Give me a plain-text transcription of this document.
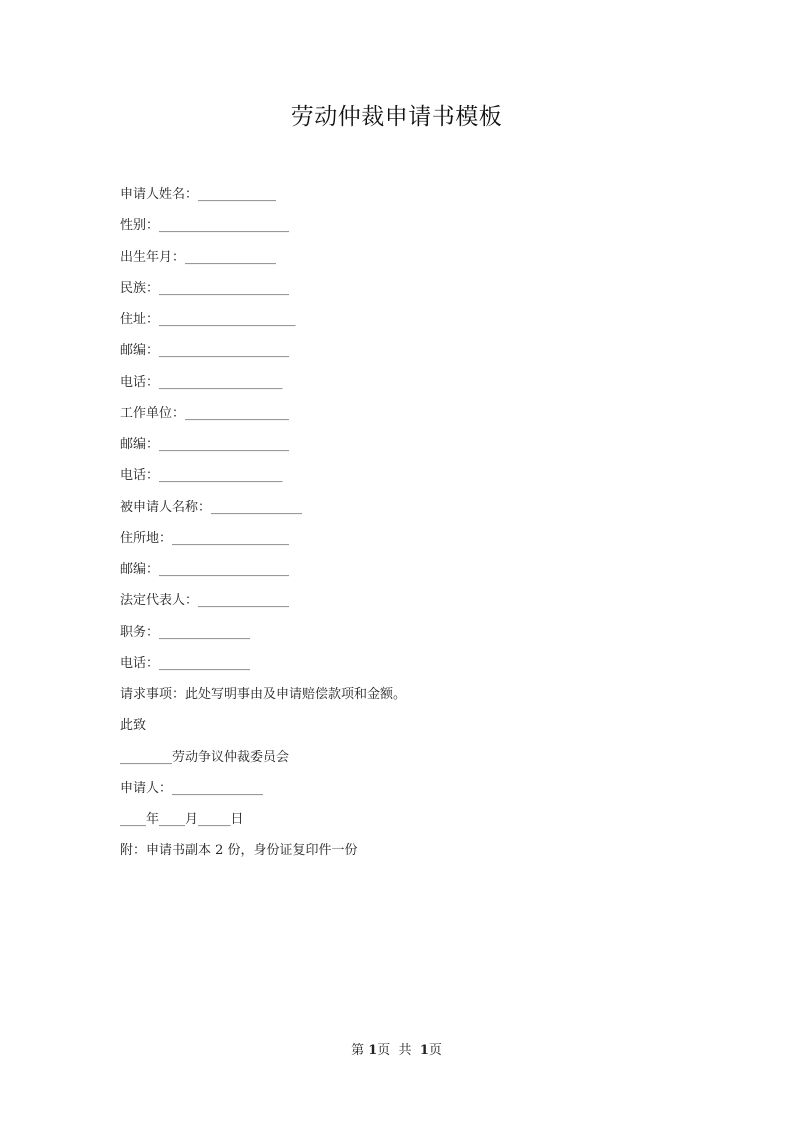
劳动仲裁申请书模板
申请人姓名：____________
性别：____________________
出生年月：______________
民族：____________________
住址：_____________________
邮编：____________________
电话：___________________
工作单位：________________
邮编：____________________
电话：___________________
被申请人名称：______________
住所地：__________________
邮编：____________________
法定代表人：______________
职务：______________
电话：______________
请求事项：此处写明事由及申请赔偿款项和金额。
此致
________劳动争议仲裁委员会
申请人：______________
____年____月_____日
附：申请书副本 2 份，身份证复印件一份
第 1页  共  1页
